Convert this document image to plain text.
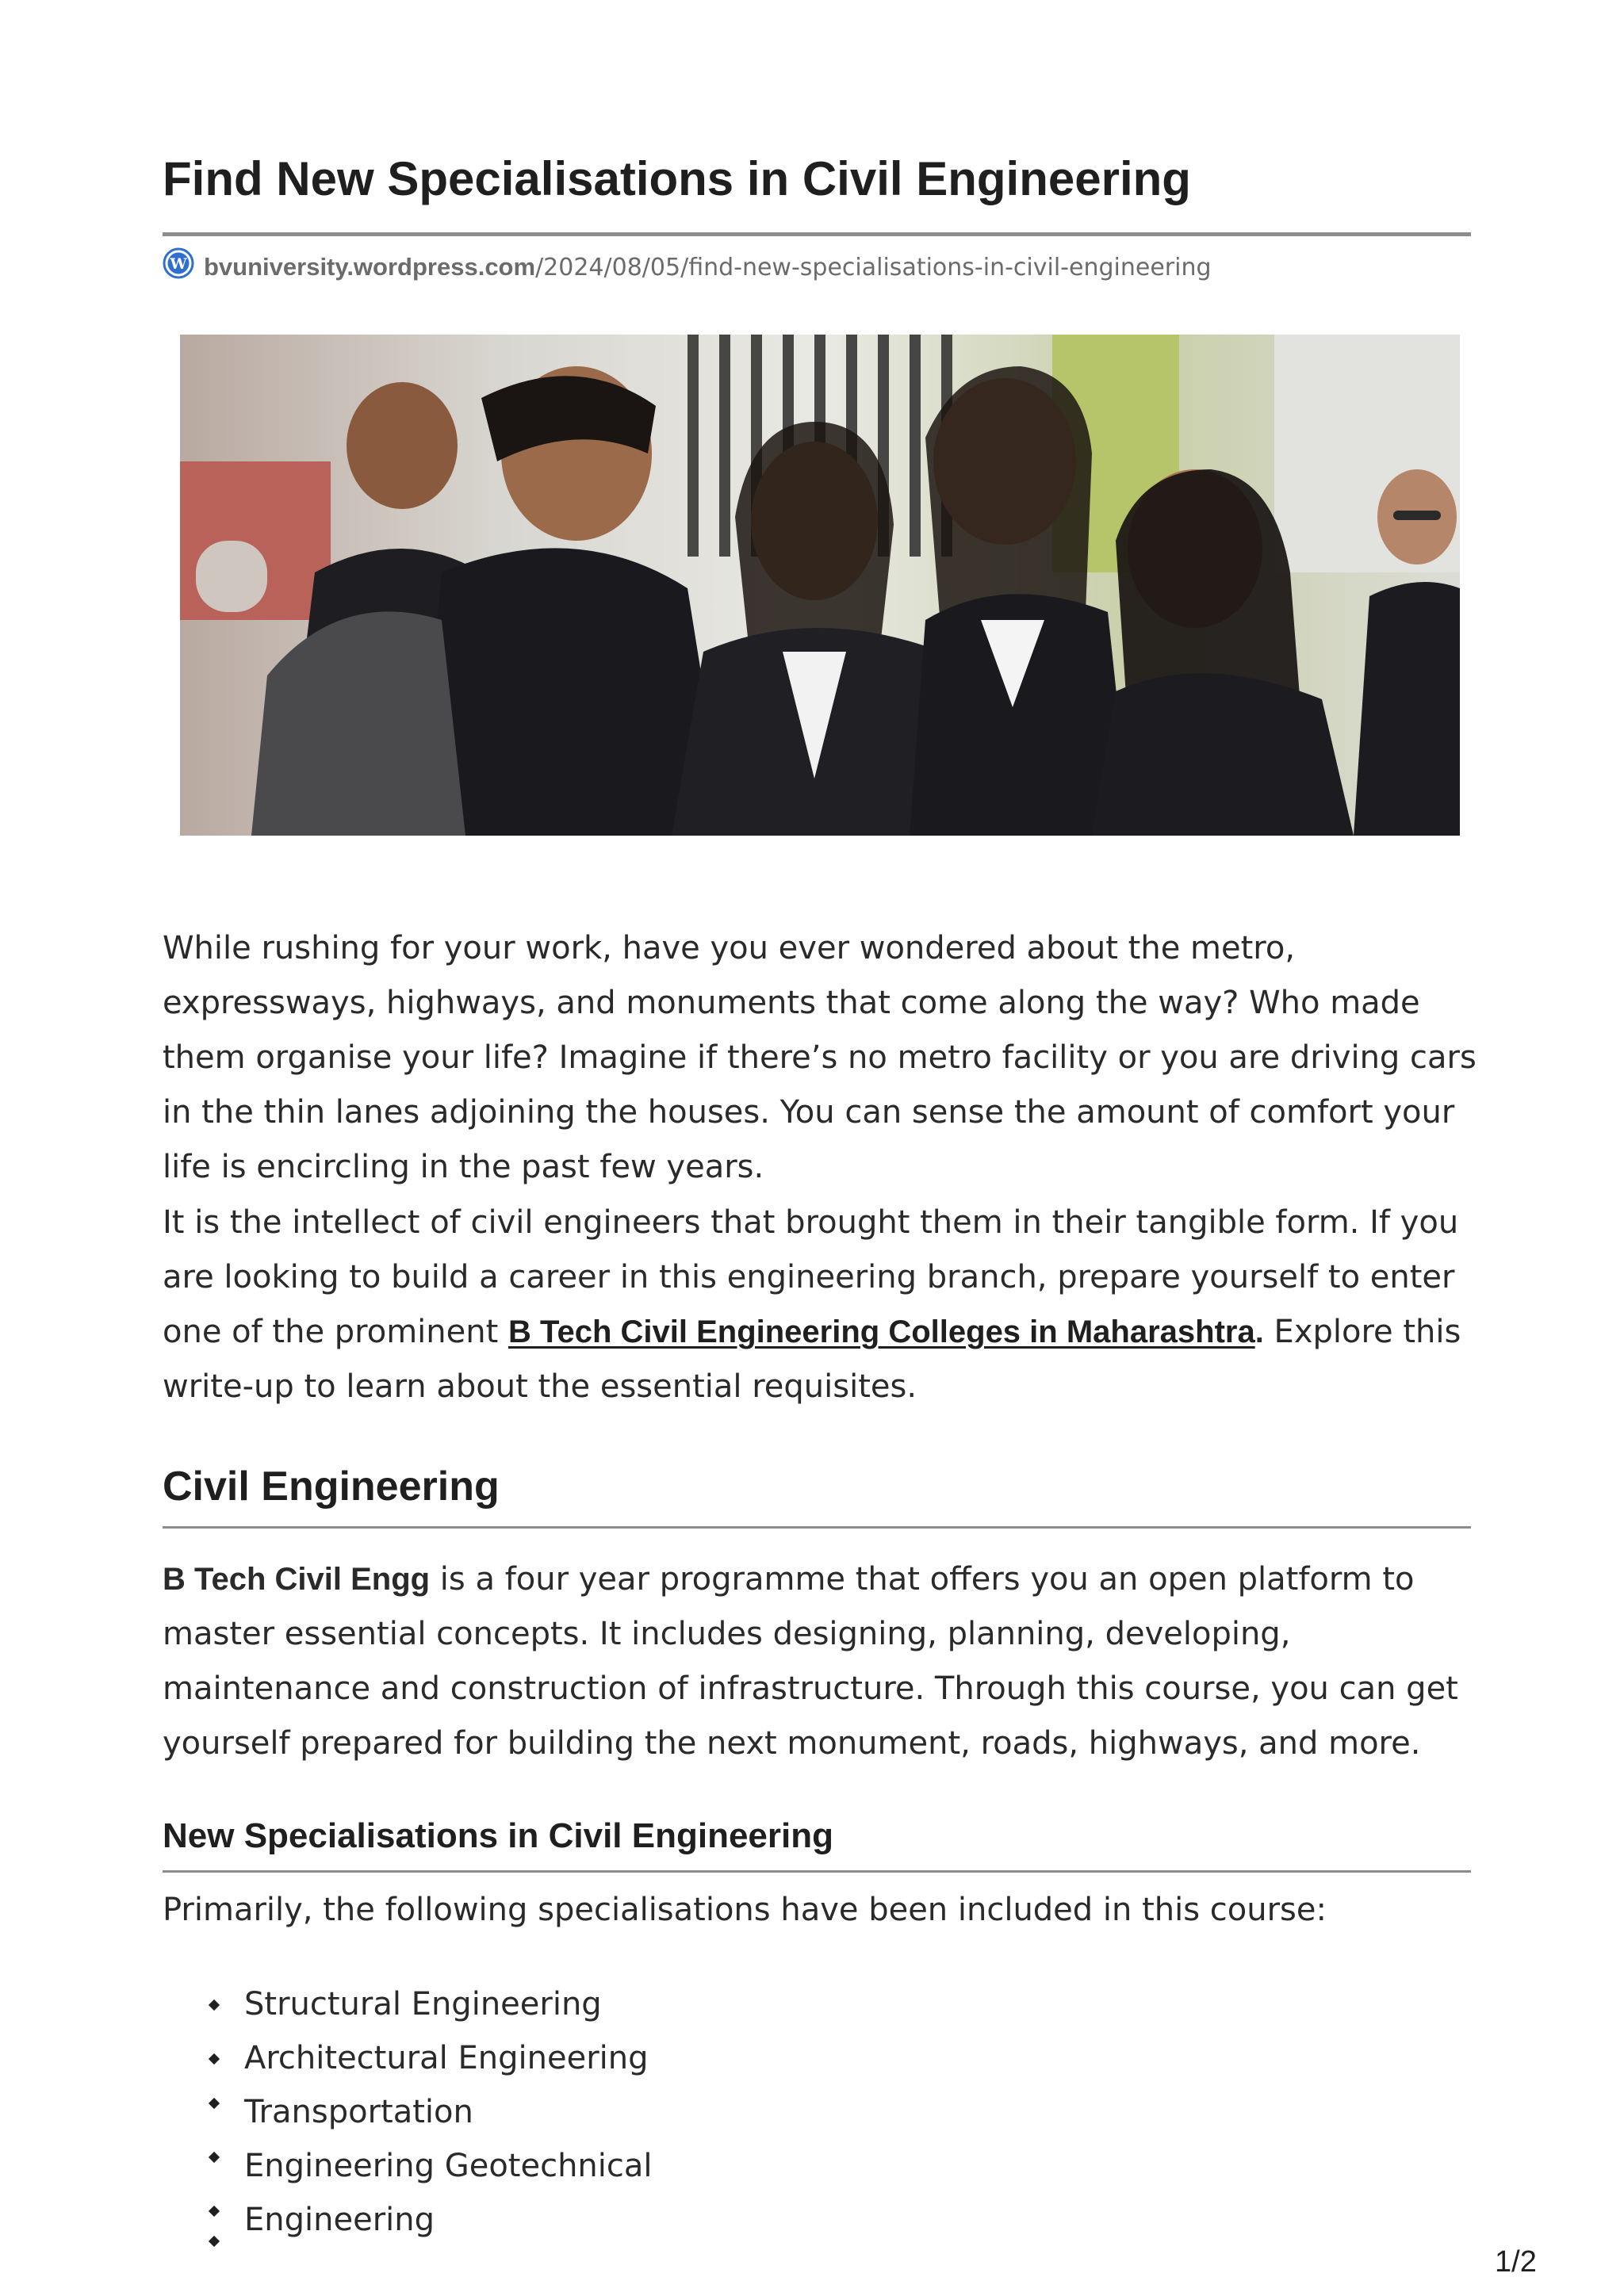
Find New Specialisations in Civil Engineering
W bvuniversity.wordpress.com /2024/08/05/find-new-specialisations-in-civil-engineering

While rushing for your work, have you ever wondered about the metro, expressways, highways, and monuments that come along the way? Who made them organise your life? Imagine if there’s no metro facility or you are driving cars in the thin lanes adjoining the houses. You can sense the amount of comfort your life is encircling in the past few years.

It is the intellect of civil engineers that brought them in their tangible form. If you are looking to build a career in this engineering branch, prepare yourself to enter one of the prominent B Tech Civil Engineering Colleges in Maharashtra. Explore this write-up to learn about the essential requisites.

Civil Engineering

B Tech Civil Engg is a four year programme that offers you an open platform to master essential concepts. It includes designing, planning, developing, maintenance and construction of infrastructure. Through this course, you can get yourself prepared for building the next monument, roads, highways, and more.

New Specialisations in Civil Engineering

Primarily, the following specialisations have been included in this course:

Structural Engineering
Architectural Engineering
Transportation
Engineering Geotechnical
Engineering
1/2
